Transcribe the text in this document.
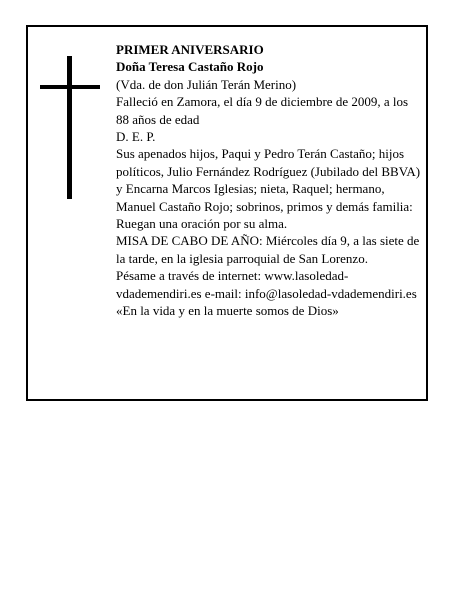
PRIMER ANIVERSARIO

Doña Teresa Castaño Rojo

(Vda. de don Julián Terán Merino)

Falleció en Zamora, el día 9 de diciembre de 2009, a los 88 años de edad

D. E. P.

Sus apenados hijos, Paqui y Pedro Terán Castaño; hijos políticos, Julio Fernández Rodríguez (Jubilado del BBVA) y Encarna Marcos Iglesias; nieta, Raquel; hermano, Manuel Castaño Rojo; sobrinos, primos y demás familia:

Ruegan una oración por su alma.

MISA DE CABO DE AÑO: Miércoles día 9, a las siete de la tarde, en la iglesia parroquial de San Lorenzo.

Pésame a través de internet: www.lasoledad-vdademendiri.es e-mail: info@lasoledad-vdademendiri.es

«En la vida y en la muerte somos de Dios»
